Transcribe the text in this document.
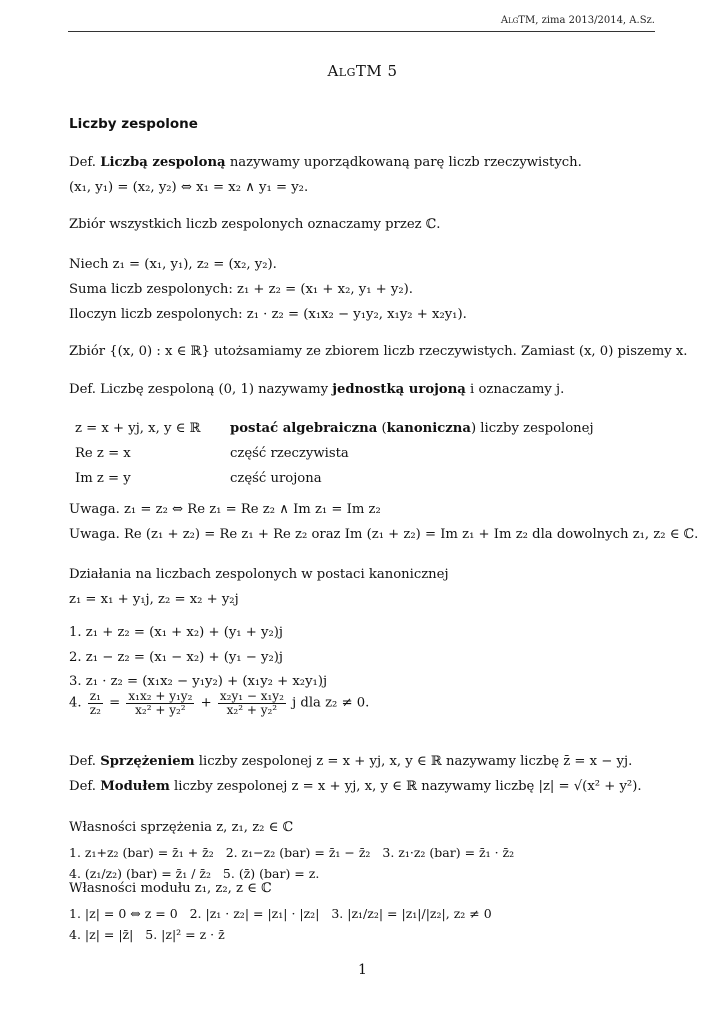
AlgTM, zima 2013/2014, A.Sz.
AlgTM 5
Liczby zespolone
Def. Liczbą zespoloną nazywamy uporządkowaną parę liczb rzeczywistych.
(x₁, y₁) = (x₂, y₂) ⇔ x₁ = x₂ ∧ y₁ = y₂.
Zbiór wszystkich liczb zespolonych oznaczamy przez ℂ.
Niech z₁ = (x₁, y₁), z₂ = (x₂, y₂).
Suma liczb zespolonych: z₁ + z₂ = (x₁ + x₂, y₁ + y₂).
Iloczyn liczb zespolonych: z₁ · z₂ = (x₁x₂ − y₁y₂, x₁y₂ + x₂y₁).
Zbiór {(x, 0) : x ∈ ℝ} utożsamiamy ze zbiorem liczb rzeczywistych. Zamiast (x, 0) piszemy x.
Def. Liczbę zespoloną (0, 1) nazywamy jednostką urojoną i oznaczamy j.
z = x + yj, x, y ∈ ℝ postać algebraiczna (kanoniczna) liczby zespolonej
Re z = x	część rzeczywista
Im z = y	część urojona
Uwaga. z₁ = z₂ ⇔ Re z₁ = Re z₂ ∧ Im z₁ = Im z₂
Uwaga. Re (z₁ + z₂) = Re z₁ + Re z₂ oraz Im (z₁ + z₂) = Im z₁ + Im z₂ dla dowolnych z₁, z₂ ∈ ℂ.
Działania na liczbach zespolonych w postaci kanonicznej
z₁ = x₁ + y₁j, z₂ = x₂ + y₂j
1. z₁ + z₂ = (x₁ + x₂) + (y₁ + y₂)j
2. z₁ − z₂ = (x₁ − x₂) + (y₁ − y₂)j
3. z₁ · z₂ = (x₁x₂ − y₁y₂) + (x₁y₂ + x₂y₁)j
4. $\frac{\text{z₁}}{\text{z₂}} = \frac{\text{x₁x₂ + y₁y₂}}{\text{x₂² + y₂²}} + \frac{\text{x₂y₁ − x₁y₂}}{\text{x₂² + y₂²}}$ j dla z₂ ≠ 0.
Def. Sprzężeniem liczby zespolonej z = x + yj, x, y ∈ ℝ nazywamy liczbę z̄ = x − yj.
Def. Modułem liczby zespolonej z = x + yj, x, y ∈ ℝ nazywamy liczbę |z| = √(x² + y²).
Własności sprzężenia z, z₁, z₂ ∈ ℂ
1. z₁+z₂ (bar) = z̄₁ + z̄₂ 2. z₁−z₂ (bar) = z̄₁ − z̄₂ 3. z₁·z₂ (bar) = z̄₁ · z̄₂
4. (z₁/z₂) (bar) = z̄₁ / z̄₂ 5. (z̄) (bar) = z.
Własności modułu z₁, z₂, z ∈ ℂ
1. |z| = 0 ⇔ z = 0 2. |z₁ · z₂| = |z₁| · |z₂| 3. |z₁/z₂| = |z₁|/|z₂|, z₂ ≠ 0
4. |z| = |z̄| 5. |z|² = z · z̄
1
